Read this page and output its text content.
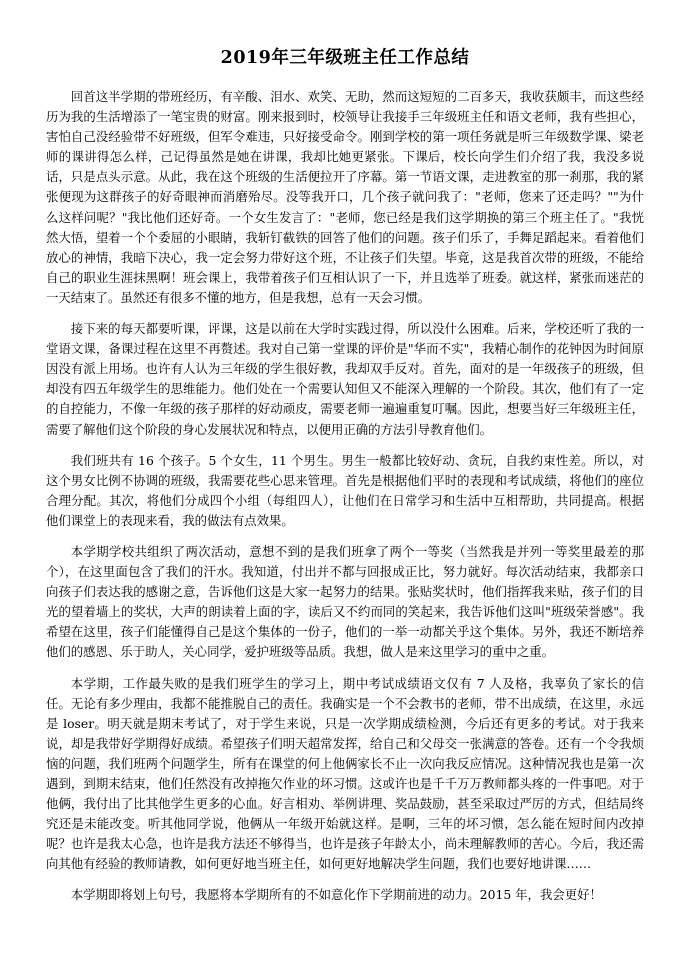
2019年三年级班主任工作总结

回首这半学期的带班经历，有辛酸、泪水、欢笑、无助，然而这短短的二百多天，我收获颇丰，而这些经历为我的生活增添了一笔宝贵的财富。刚来报到时，校领导让我接手三年级班主任和语文老师，我有些担心，害怕自己没经验带不好班级，但军令难违，只好接受命令。刚到学校的第一项任务就是听三年级数学课、梁老师的课讲得怎么样，己记得虽然是她在讲课，我却比她更紧张。下课后，校长向学生们介绍了我，我没多说话，只是点头示意。从此，我在这个班级的生活便拉开了序幕。第一节语文课，走进教室的那一刹那，我的紧张便现为这群孩子的好奇眼神而消磨殆尽。没等我开口，几个孩子就问我了："老师，您来了还走吗？""为什么这样问呢？"我比他们还好奇。一个女生发言了："老师，您已经是我们这学期换的第三个班主任了。"我恍然大悟，望着一个个委屈的小眼睛，我斩钉截铁的回答了他们的问题。孩子们乐了，手舞足蹈起来。看着他们放心的神情，我暗下决心，我一定会努力带好这个班，不让孩子们失望。毕竟，这是我首次带的班级，不能给自己的职业生涯抹黑啊！班会课上，我带着孩子们互相认识了一下，并且选举了班委。就这样，紧张而迷茫的一天结束了。虽然还有很多不懂的地方，但是我想，总有一天会习惯。

接下来的每天都要听课，评课，这是以前在大学时实践过得，所以没什么困难。后来，学校还听了我的一堂语文课，备课过程在这里不再赘述。我对自己第一堂课的评价是"华而不实"，我精心制作的花钟因为时间原因没有派上用场。也许有人认为三年级的学生很好教，我却双手反对。首先，面对的是一年级孩子的班级，但却没有四五年级学生的思维能力。他们处在一个需要认知但又不能深入理解的一个阶段。其次，他们有了一定的自控能力，不像一年级的孩子那样的好动顽皮，需要老师一遍遍重复叮嘱。因此，想要当好三年级班主任，需要了解他们这个阶段的身心发展状况和特点，以便用正确的方法引导教育他们。

我们班共有 16 个孩子。5 个女生，11 个男生。男生一般都比较好动、贪玩，自我约束性差。所以，对这个男女比例不协调的班级，我需要花些心思来管理。首先是根据他们平时的表现和考试成绩，将他们的座位合理分配。其次，将他们分成四个小组（每组四人），让他们在日常学习和生活中互相帮助，共同提高。根据他们课堂上的表现来看，我的做法有点效果。

本学期学校共组织了两次活动，意想不到的是我们班拿了两个一等奖（当然我是并列一等奖里最差的那个），在这里面包含了我们的汗水。我知道，付出并不都与回报成正比，努力就好。每次活动结束，我都亲口向孩子们表达我的感谢之意，告诉他们这是大家一起努力的结果。张贴奖状时，他们指挥我来贴，孩子们的目光的望着墙上的奖状，大声的朗读着上面的字，读后又不约而同的笑起来，我告诉他们这叫"班级荣誉感"。我希望在这里，孩子们能懂得自己是这个集体的一份子，他们的一举一动都关乎这个集体。另外，我还不断培养他们的感恩、乐于助人，关心同学，爱护班级等品质。我想，做人是来这里学习的重中之重。

本学期，工作最失败的是我们班学生的学习上，期中考试成绩语文仅有 7 人及格，我辜负了家长的信任。无论有多少理由，我都不能推脱自己的责任。我确实是一个不会教书的老师，带不出成绩，在这里，永远是 loser。明天就是期末考试了，对于学生来说，只是一次学期成绩检测，今后还有更多的考试。对于我来说，却是我带好学期得好成绩。希望孩子们明天超常发挥，给自己和父母交一张满意的答卷。还有一个令我烦恼的问题，我们班两个问题学生，所有在课堂的何上他俩家长不止一次向我反应情况。这种情况我也是第一次遇到，到期末结束，他们任然没有改掉拖欠作业的坏习惯。这或许也是千千万万教师都头疼的一件事吧。对于他俩，我付出了比其他学生更多的心血。好言相劝、举例讲理、奖品鼓励，甚至采取过严厉的方式，但结局终究还是未能改变。听其他同学说，他俩从一年级开始就这样。是啊，三年的坏习惯，怎么能在短时间内改掉呢？也许是我太心急，也许是我方法还不够得当，也许是孩子年龄太小，尚未理解教师的苦心。今后，我还需向其他有经验的教师请教，如何更好地当班主任，如何更好地解决学生问题，我们也要好地讲课……

本学期即将划上句号，我愿将本学期所有的不如意化作下学期前进的动力。2015 年，我会更好！
